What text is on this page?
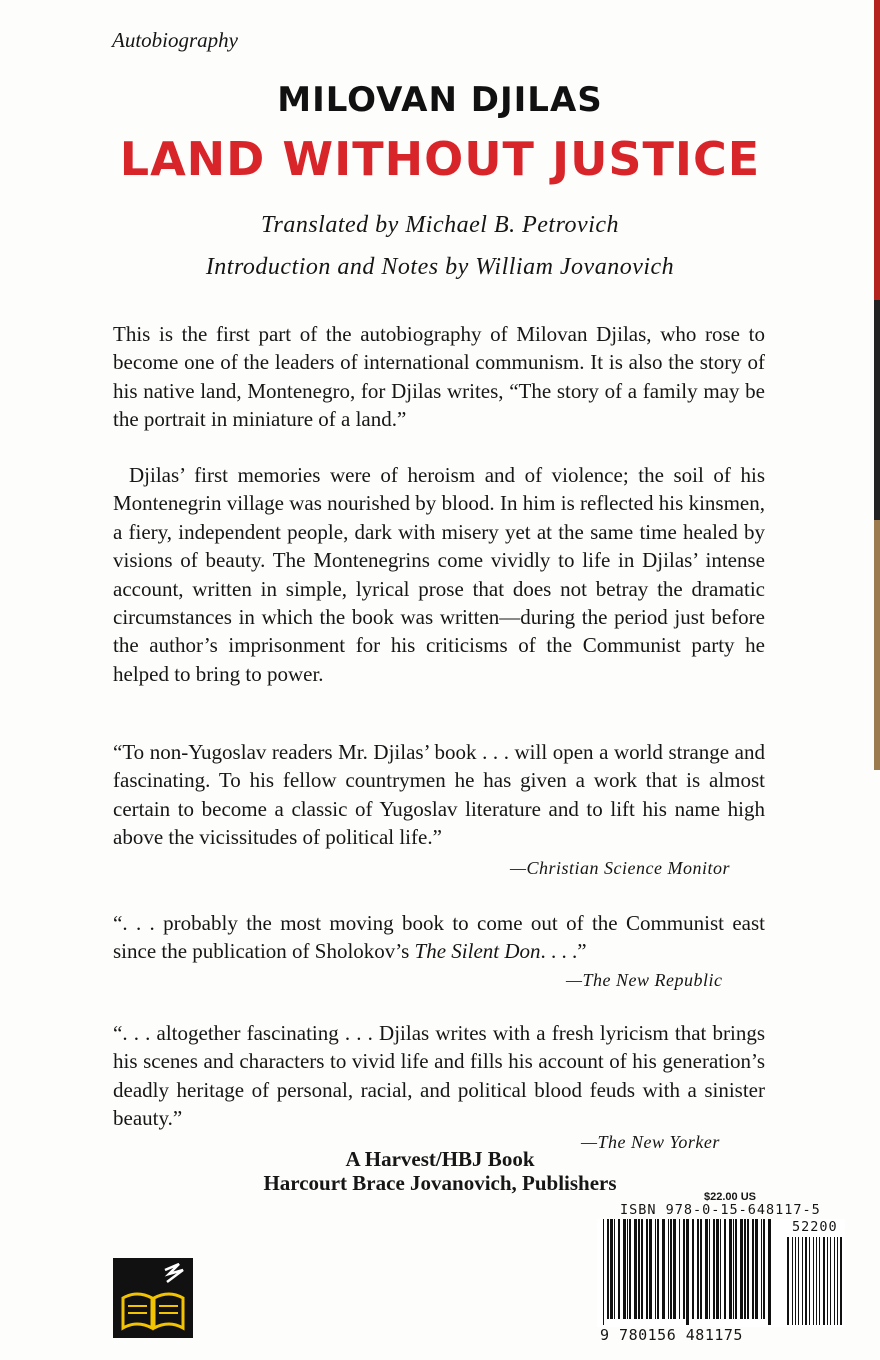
Autobiography
MILOVAN DJILAS
LAND WITHOUT JUSTICE
Translated by Michael B. Petrovich
Introduction and Notes by William Jovanovich

This is the first part of the autobiography of Milovan Djilas, who rose to become one of the leaders of international communism. It is also the story of his native land, Montenegro, for Djilas writes, “The story of a family may be the portrait in miniature of a land.”

Djilas’ first memories were of heroism and of violence; the soil of his Montenegrin village was nourished by blood. In him is reflected his kinsmen, a fiery, independent people, dark with misery yet at the same time healed by visions of beauty. The Montenegrins come vividly to life in Djilas’ intense account, written in simple, lyrical prose that does not betray the dramatic circumstances in which the book was written—during the period just before the author’s imprisonment for his criticisms of the Communist party he helped to bring to power.

“To non-Yugoslav readers Mr. Djilas’ book . . . will open a world strange and fascinating. To his fellow countrymen he has given a work that is almost certain to become a classic of Yugoslav literature and to lift his name high above the vicissitudes of political life.”

—Christian Science Monitor

“. . . probably the most moving book to come out of the Communist east since the publication of Sholokov’s The Silent Don. . . .”

—The New Republic

“. . . altogether fascinating . . . Djilas writes with a fresh lyricism that brings his scenes and characters to vivid life and fills his account of his generation’s deadly heritage of personal, racial, and political blood feuds with a sinister beauty.”

—The New Yorker
A Harvest/HBJ Book
Harcourt Brace Jovanovich, Publishers
$22.00 US
ISBN 978-0-15-648117-5
52200
9 780156 481175
